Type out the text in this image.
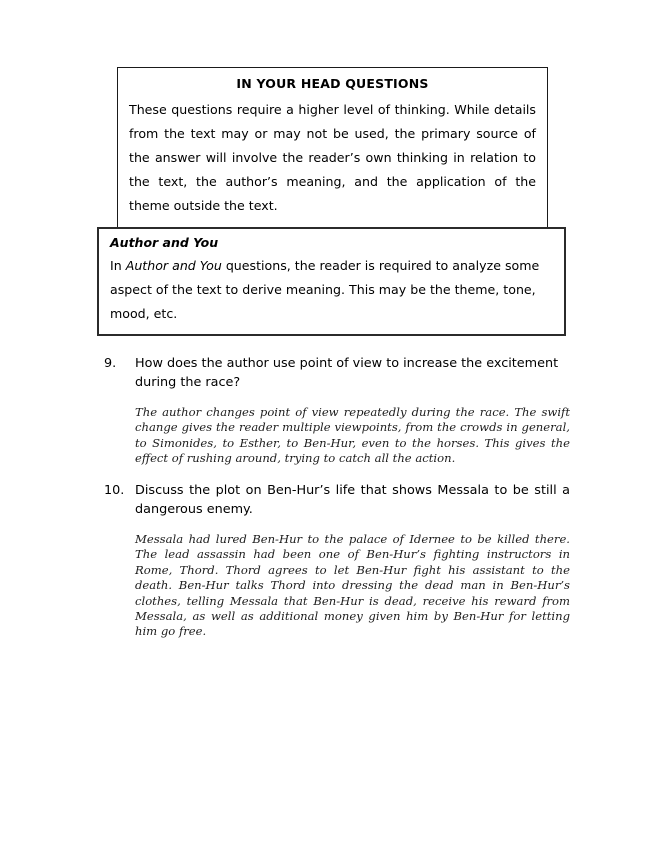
IN YOUR HEAD QUESTIONS
These questions require a higher level of thinking. While details from the text may or may not be used, the primary source of the answer will involve the reader’s own thinking in relation to the text, the author’s meaning, and the application of the theme outside the text.
Author and You
In Author and You questions, the reader is required to analyze some aspect of the text to derive meaning. This may be the theme, tone, mood, etc.
9.	How does the author use point of view to increase the excitement during the race?
The author changes point of view repeatedly during the race. The swift change gives the reader multiple viewpoints, from the crowds in general, to Simonides, to Esther, to Ben-Hur, even to the horses. This gives the effect of rushing around, trying to catch all the action.
10. Discuss the plot on Ben-Hur’s life that shows Messala to be still a dangerous enemy.
Messala had lured Ben-Hur to the palace of Idernee to be killed there. The lead assassin had been one of Ben-Hur’s fighting instructors in Rome, Thord. Thord agrees to let Ben-Hur fight his assistant to the death. Ben-Hur talks Thord into dressing the dead man in Ben-Hur’s clothes, telling Messala that Ben-Hur is dead, receive his reward from Messala, as well as additional money given him by Ben-Hur for letting him go free.
